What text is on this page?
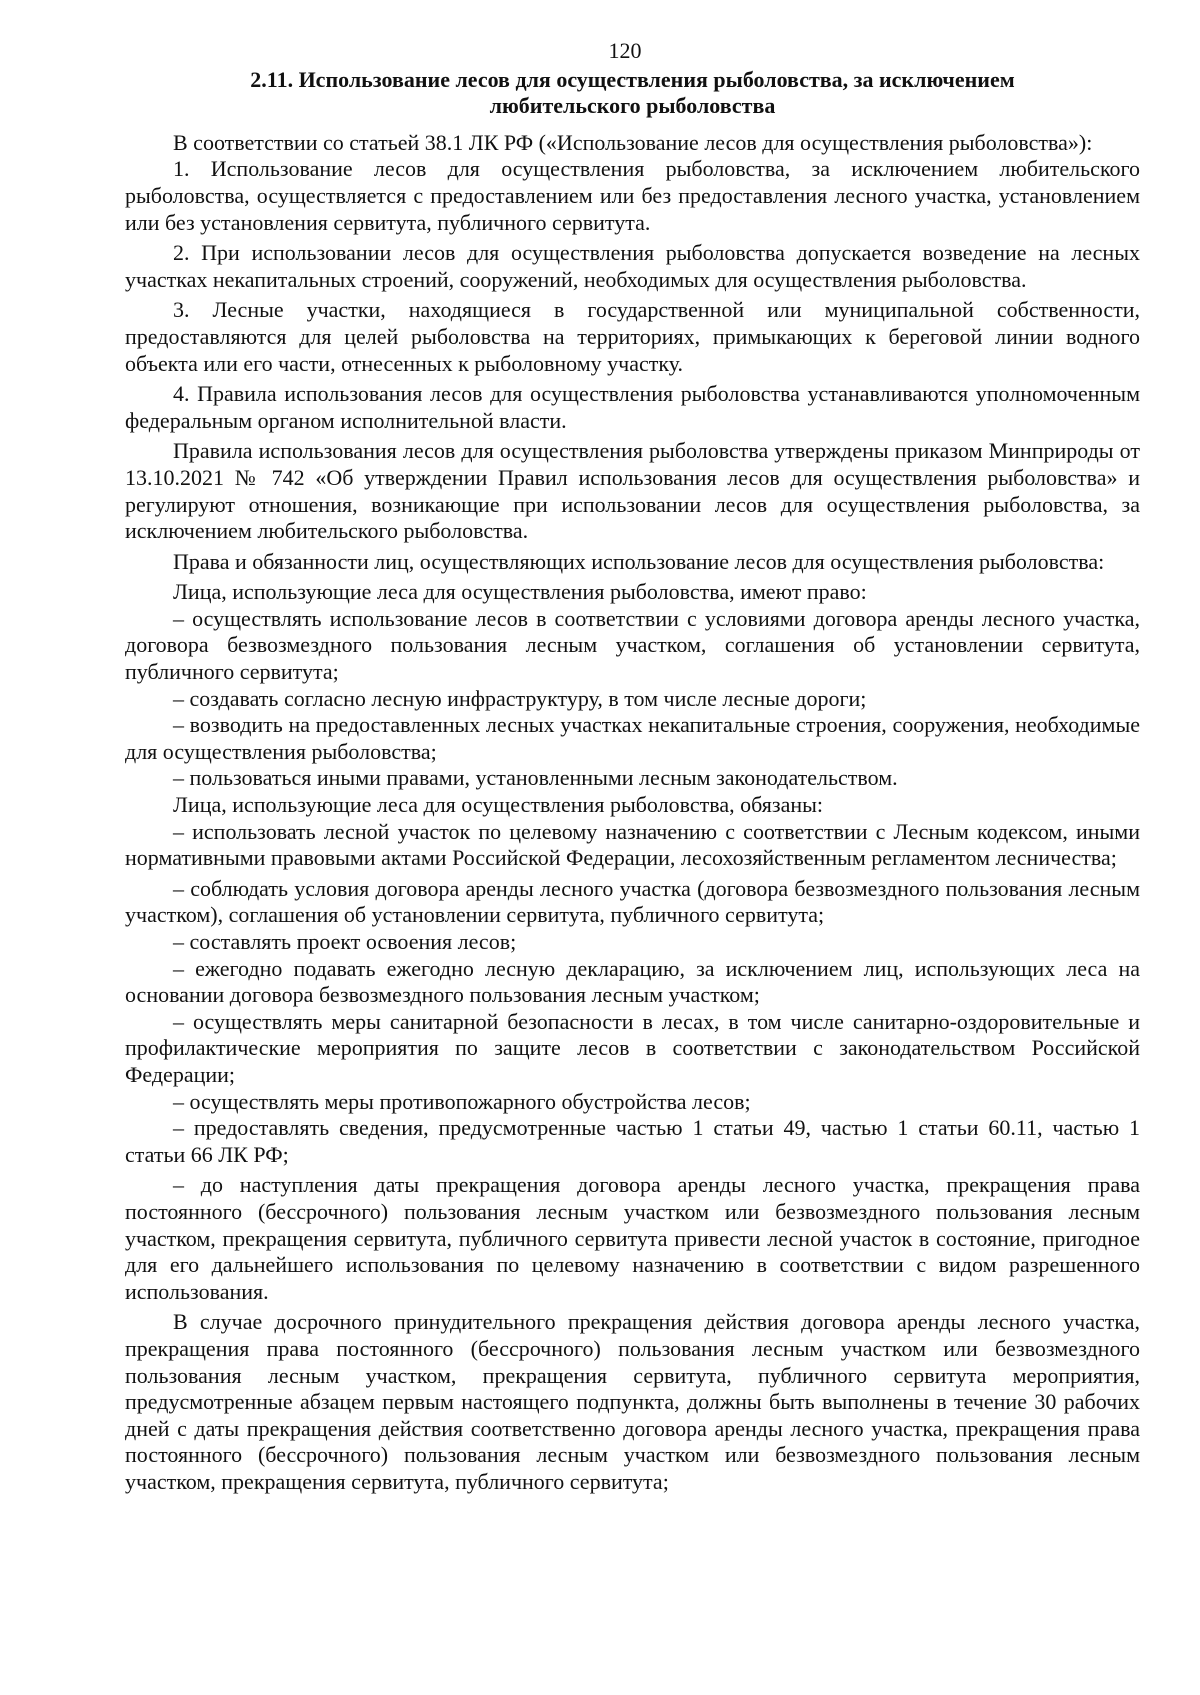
120
2.11. Использование лесов для осуществления рыболовства, за исключением
любительского рыболовства

В соответствии со статьей 38.1 ЛК РФ («Использование лесов для осуществления рыболовства»):

1. Использование лесов для осуществления рыболовства, за исключением любительского рыболовства, осуществляется с предоставлением или без предоставления лесного участка, установлением или без установления сервитута, публичного сервитута.

2. При использовании лесов для осуществления рыболовства допускается возведение на лесных участках некапитальных строений, сооружений, необходимых для осуществления рыболовства.

3. Лесные участки, находящиеся в государственной или муниципальной собственности, предоставляются для целей рыболовства на территориях, примыкающих к береговой линии водного объекта или его части, отнесенных к рыболовному участку.

4. Правила использования лесов для осуществления рыболовства устанавливаются уполномоченным федеральным органом исполнительной власти.

Правила использования лесов для осуществления рыболовства утверждены приказом Минприроды от 13.10.2021 № 742 «Об утверждении Правил использования лесов для осуществления рыболовства» и регулируют отношения, возникающие при использовании лесов для осуществления рыболовства, за исключением любительского рыболовства.

Права и обязанности лиц, осуществляющих использование лесов для осуществления рыболовства:

Лица, использующие леса для осуществления рыболовства, имеют право:

– осуществлять использование лесов в соответствии с условиями договора аренды лесного участка, договора безвозмездного пользования лесным участком, соглашения об установлении сервитута, публичного сервитута;

– создавать согласно лесную инфраструктуру, в том числе лесные дороги;

– возводить на предоставленных лесных участках некапитальные строения, сооружения, необходимые для осуществления рыболовства;

– пользоваться иными правами, установленными лесным законодательством.

Лица, использующие леса для осуществления рыболовства, обязаны:

– использовать лесной участок по целевому назначению с соответствии с Лесным кодексом, иными нормативными правовыми актами Российской Федерации, лесохозяйственным регламентом лесничества;

– соблюдать условия договора аренды лесного участка (договора безвозмездного пользования лесным участком), соглашения об установлении сервитута, публичного сервитута;

– составлять проект освоения лесов;

– ежегодно подавать ежегодно лесную декларацию, за исключением лиц, использующих леса на основании договора безвозмездного пользования лесным участком;

– осуществлять меры санитарной безопасности в лесах, в том числе санитарно-оздоровительные и профилактические мероприятия по защите лесов в соответствии с законодательством Российской Федерации;

– осуществлять меры противопожарного обустройства лесов;

– предоставлять сведения, предусмотренные частью 1 статьи 49, частью 1 статьи 60.11, частью 1 статьи 66 ЛК РФ;

– до наступления даты прекращения договора аренды лесного участка, прекращения права постоянного (бессрочного) пользования лесным участком или безвозмездного пользования лесным участком, прекращения сервитута, публичного сервитута привести лесной участок в состояние, пригодное для его дальнейшего использования по целевому назначению в соответствии с видом разрешенного использования.

В случае досрочного принудительного прекращения действия договора аренды лесного участка, прекращения права постоянного (бессрочного) пользования лесным участком или безвозмездного пользования лесным участком, прекращения сервитута, публичного сервитута мероприятия, предусмотренные абзацем первым настоящего подпункта, должны быть выполнены в течение 30 рабочих дней с даты прекращения действия соответственно договора аренды лесного участка, прекращения права постоянного (бессрочного) пользования лесным участком или безвозмездного пользования лесным участком, прекращения сервитута, публичного сервитута;
